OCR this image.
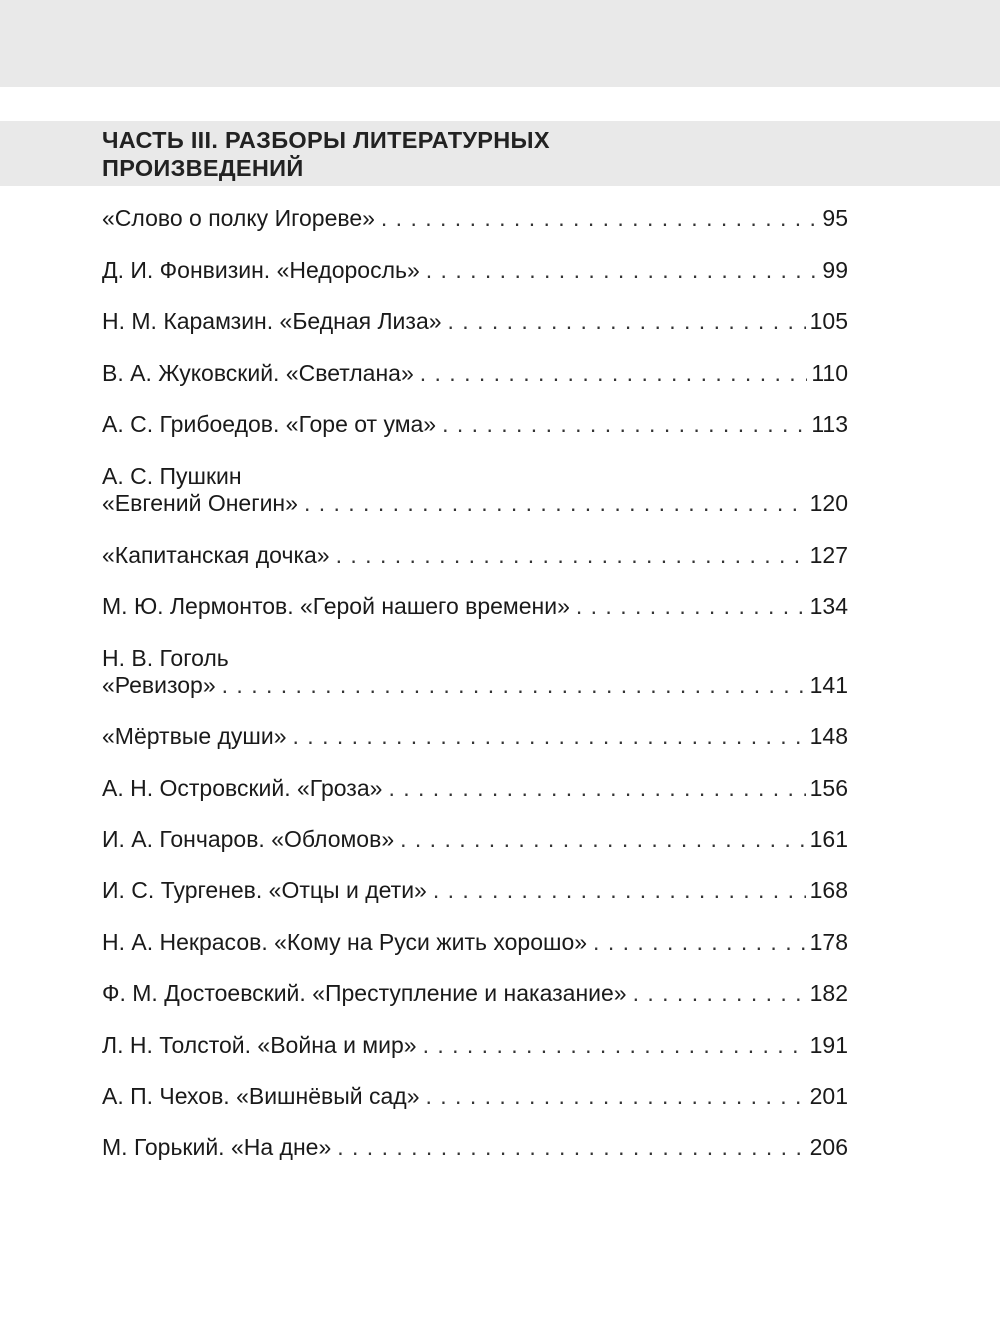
ЧАСТЬ III. РАЗБОРЫ ЛИТЕРАТУРНЫХ ПРОИЗВЕДЕНИЙ
«Слово о полку Игореве» . . .	95
Д. И. Фонвизин. «Недоросль» . . .	99
Н. М. Карамзин. «Бедная Лиза» . . .	105
В. А. Жуковский. «Светлана» . . .	110
А. С. Грибоедов. «Горе от ума» . . .	113
А. С. Пушкин
«Евгений Онегин» . . .	120
«Капитанская дочка» . . .	127
М. Ю. Лермонтов. «Герой нашего времени» . . .	134
Н. В. Гоголь
«Ревизор» . . .	141
«Мёртвые души» . . .	148
А. Н. Островский. «Гроза» . . .	156
И. А. Гончаров. «Обломов» . . .	161
И. С. Тургенев. «Отцы и дети» . . .	168
Н. А. Некрасов. «Кому на Руси жить хорошо» . . .	178
Ф. М. Достоевский. «Преступление и наказание» . . .	182
Л. Н. Толстой. «Война и мир» . . .	191
А. П. Чехов. «Вишнёвый сад» . . .	201
М. Горький. «На дне» . . .	206
